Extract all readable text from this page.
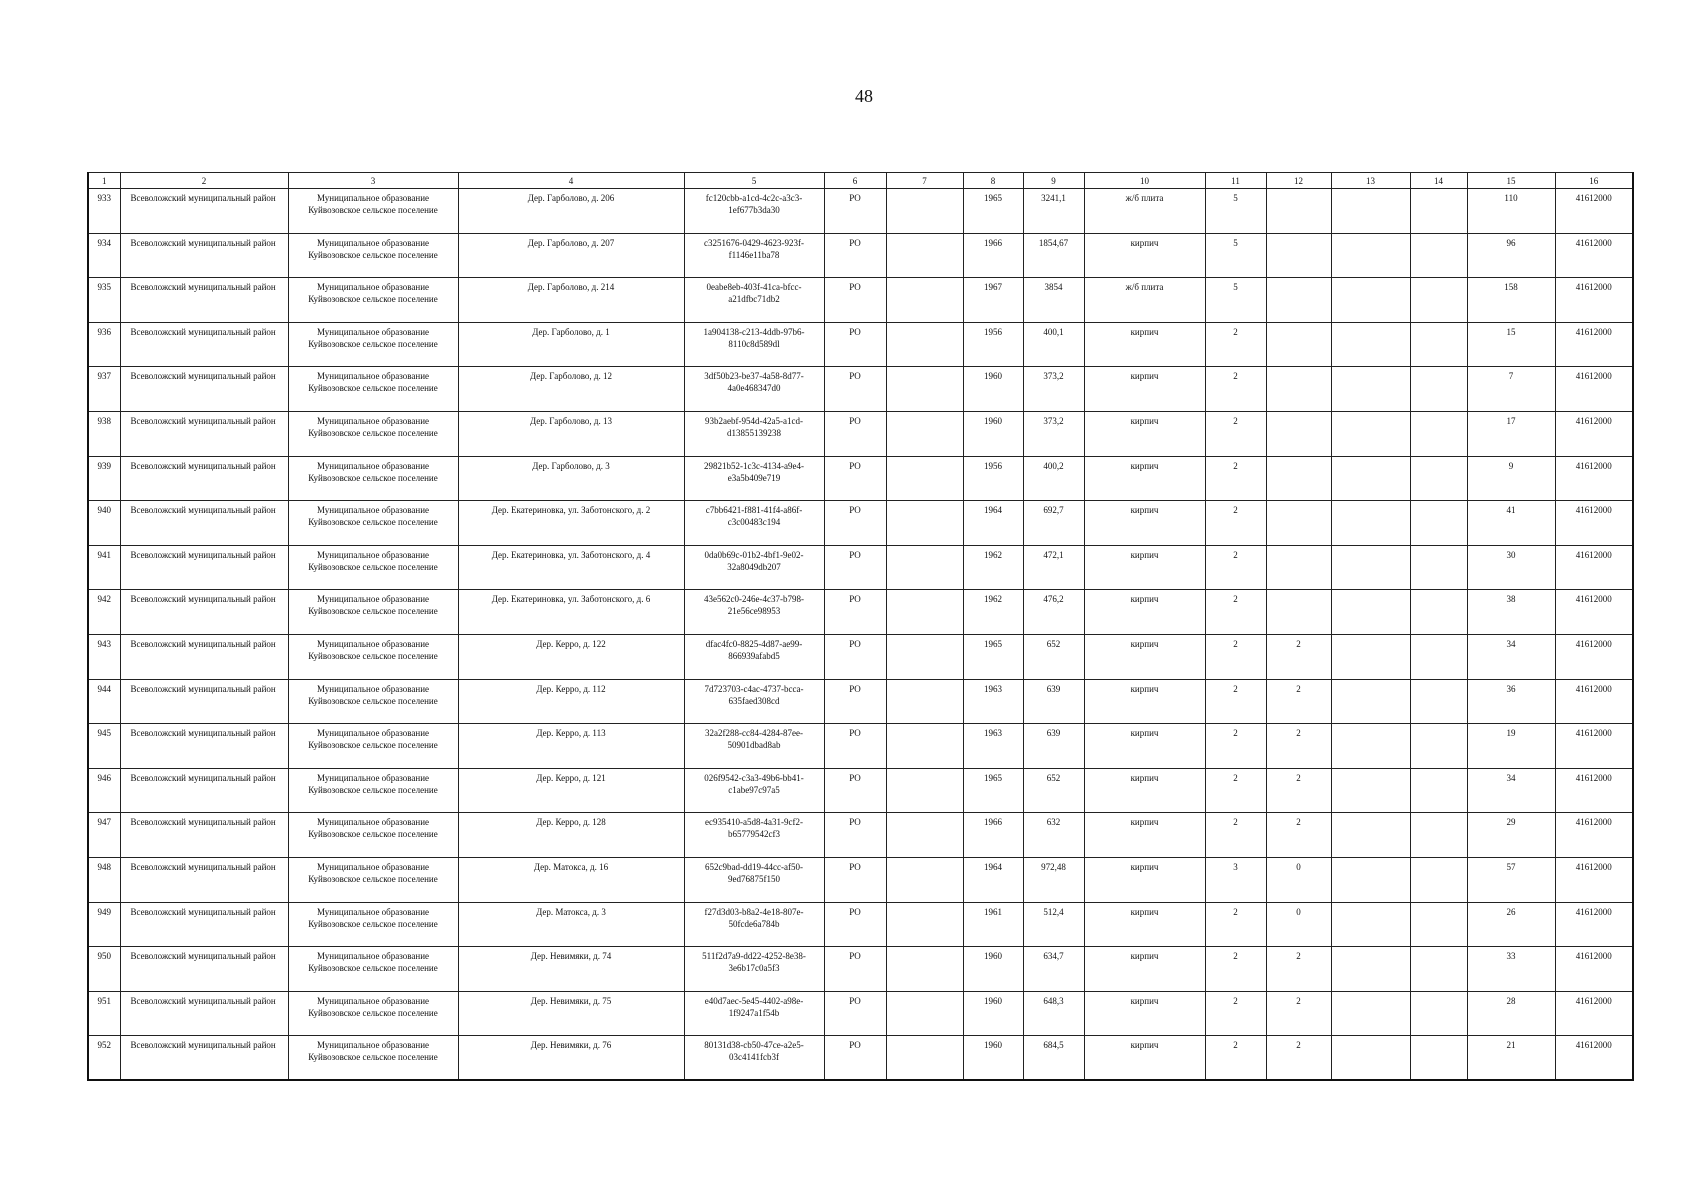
48
1	2	3	4	5	6	7	8	9	10	11	12	13	14	15	16
933	Всеволожский муниципальный район	Муниципальное образование
Куйвозовское сельское поселение	Дер. Гарболово, д. 206	fc120cbb-a1cd-4c2c-a3c3-
1ef677b3da30	РО		1965	3241,1	ж/б плита	5				110	41612000
934	Всеволожский муниципальный район	Муниципальное образование
Куйвозовское сельское поселение	Дер. Гарболово, д. 207	c3251676-0429-4623-923f-
f1146e11ba78	РО		1966	1854,67	кирпич	5				96	41612000
935	Всеволожский муниципальный район	Муниципальное образование
Куйвозовское сельское поселение	Дер. Гарболово, д. 214	0eabe8eb-403f-41ca-bfcc-
a21dfbc71db2	РО		1967	3854	ж/б плита	5				158	41612000
936	Всеволожский муниципальный район	Муниципальное образование
Куйвозовское сельское поселение	Дер. Гарболово, д. 1	1a904138-c213-4ddb-97b6-
8110c8d589dl	РО		1956	400,1	кирпич	2				15	41612000
937	Всеволожский муниципальный район	Муниципальное образование
Куйвозовское сельское поселение	Дер. Гарболово, д. 12	3df50b23-be37-4a58-8d77-
4a0e468347d0	РО		1960	373,2	кирпич	2				7	41612000
938	Всеволожский муниципальный район	Муниципальное образование
Куйвозовское сельское поселение	Дер. Гарболово, д. 13	93b2aebf-954d-42a5-a1cd-
d13855139238	РО		1960	373,2	кирпич	2				17	41612000
939	Всеволожский муниципальный район	Муниципальное образование
Куйвозовское сельское поселение	Дер. Гарболово, д. 3	29821b52-1c3c-4134-a9e4-
e3a5b409e719	РО		1956	400,2	кирпич	2				9	41612000
940	Всеволожский муниципальный район	Муниципальное образование
Куйвозовское сельское поселение	Дер. Екатериновка, ул. Заботонского, д. 2	c7bb6421-f881-41f4-a86f-
c3c00483c194	РО		1964	692,7	кирпич	2				41	41612000
941	Всеволожский муниципальный район	Муниципальное образование
Куйвозовское сельское поселение	Дер. Екатериновка, ул. Заботонского, д. 4	0da0b69c-01b2-4bf1-9e02-
32a8049db207	РО		1962	472,1	кирпич	2				30	41612000
942	Всеволожский муниципальный район	Муниципальное образование
Куйвозовское сельское поселение	Дер. Екатериновка, ул. Заботонского, д. 6	43e562c0-246e-4c37-b798-
21e56ce98953	РО		1962	476,2	кирпич	2				38	41612000
943	Всеволожский муниципальный район	Муниципальное образование
Куйвозовское сельское поселение	Дер. Керро, д. 122	dfac4fc0-8825-4d87-ae99-
866939afabd5	РО		1965	652	кирпич	2	2			34	41612000
944	Всеволожский муниципальный район	Муниципальное образование
Куйвозовское сельское поселение	Дер. Керро, д. 112	7d723703-c4ac-4737-bcca-
635faed308cd	РО		1963	639	кирпич	2	2			36	41612000
945	Всеволожский муниципальный район	Муниципальное образование
Куйвозовское сельское поселение	Дер. Керро, д. 113	32a2f288-cc84-4284-87ee-
50901dbad8ab	РО		1963	639	кирпич	2	2			19	41612000
946	Всеволожский муниципальный район	Муниципальное образование
Куйвозовское сельское поселение	Дер. Керро, д. 121	026f9542-c3a3-49b6-bb41-
c1abe97c97a5	РО		1965	652	кирпич	2	2			34	41612000
947	Всеволожский муниципальный район	Муниципальное образование
Куйвозовское сельское поселение	Дер. Керро, д. 128	ec935410-a5d8-4a31-9cf2-
b65779542cf3	РО		1966	632	кирпич	2	2			29	41612000
948	Всеволожский муниципальный район	Муниципальное образование
Куйвозовское сельское поселение	Дер. Матокса, д. 16	652c9bad-dd19-44cc-af50-
9ed76875f150	РО		1964	972,48	кирпич	3	0			57	41612000
949	Всеволожский муниципальный район	Муниципальное образование
Куйвозовское сельское поселение	Дер. Матокса, д. 3	f27d3d03-b8a2-4e18-807e-
50fcde6a784b	РО		1961	512,4	кирпич	2	0			26	41612000
950	Всеволожский муниципальный район	Муниципальное образование
Куйвозовское сельское поселение	Дер. Невимяки, д. 74	511f2d7a9-dd22-4252-8e38-
3e6b17c0a5f3	РО		1960	634,7	кирпич	2	2			33	41612000
951	Всеволожский муниципальный район	Муниципальное образование
Куйвозовское сельское поселение	Дер. Невимяки, д. 75	e40d7aec-5e45-4402-a98e-
1f9247a1f54b	РО		1960	648,3	кирпич	2	2			28	41612000
952	Всеволожский муниципальный район	Муниципальное образование
Куйвозовское сельское поселение	Дер. Невимяки, д. 76	80131d38-cb50-47ce-a2e5-
03c4141fcb3f	РО		1960	684,5	кирпич	2	2			21	41612000
